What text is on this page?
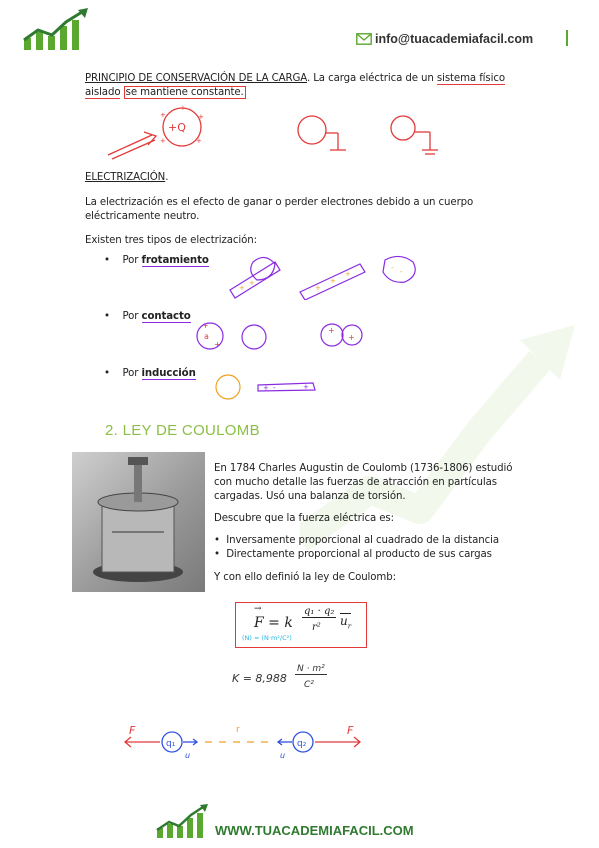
info@tuacademiafacil.com
PRINCIPIO DE CONSERVACIÓN DE LA CARGA. La carga eléctrica de un sistema físico
aislado se mantiene constante.
+Q
+	+
+	+
+
ELECTRIZACIÓN.
La electrización es el efecto de ganar o perder electrones debido a un cuerpo
eléctricamente neutro.
Existen tres tipos de electrización:
•    Por frotamiento
•    Por contacto
•    Por inducción
+
+
+
+
+
- -
a
+
+
+
+
+ -	+
2. LEY DE COULOMB
En 1784 Charles Augustin de Coulomb (1736-1806) estudió
con mucho detalle las fuerzas de atracción en partículas
cargadas. Usó una balanza de torsión.
Descubre que la fuerza eléctrica es:
•  Inversamente proporcional al cuadrado de la distancia
•  Directamente proporcional al producto de sus cargas
Y con ello definió la ley de Coulomb:
→
F = k
q₁ · q₂
r² $u_r$
(N) = (N·m²/C²)
K = 8,988
N · m²
C²
q₁	q₂
r
F	F
u	u
WWW.TUACADEMIAFACIL.COM
